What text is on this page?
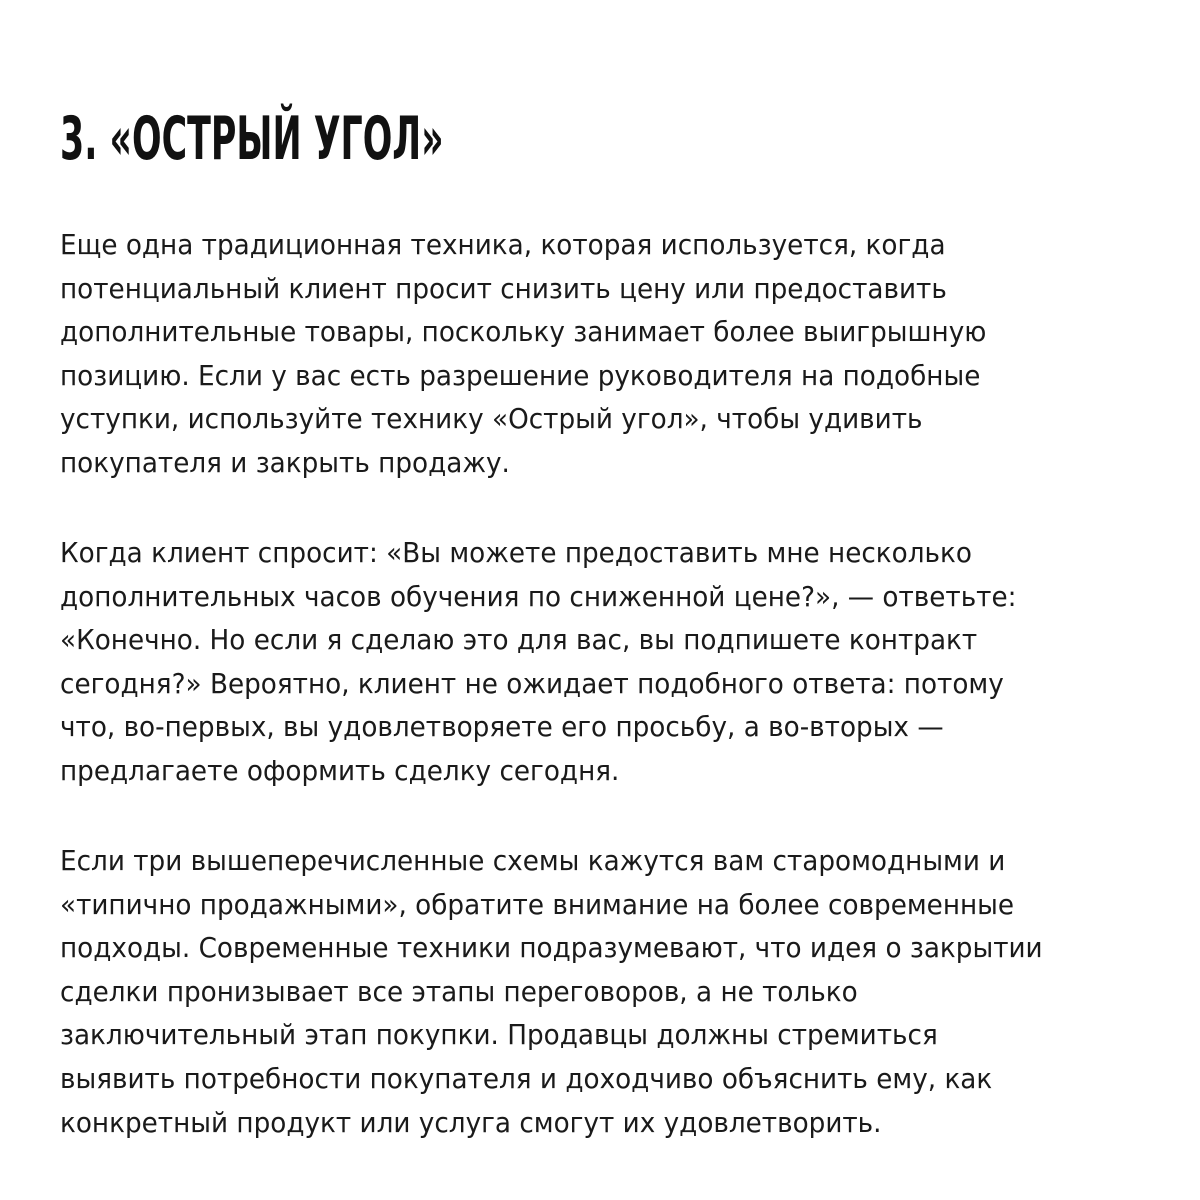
3. «ОСТРЫЙ УГОЛ»
Еще одна традиционная техника, которая используется, когда
потенциальный клиент просит снизить цену или предоставить
дополнительные товары, поскольку занимает более выигрышную
позицию. Если у вас есть разрешение руководителя на подобные
уступки, используйте технику «Острый угол», чтобы удивить
покупателя и закрыть продажу.
Когда клиент спросит: «Вы можете предоставить мне несколько
дополнительных часов обучения по сниженной цене?», — ответьте:
«Конечно. Но если я сделаю это для вас, вы подпишете контракт
сегодня?» Вероятно, клиент не ожидает подобного ответа: потому
что, во-первых, вы удовлетворяете его просьбу, а во-вторых —
предлагаете оформить сделку сегодня.
Если три вышеперечисленные схемы кажутся вам старомодными и
«типично продажными», обратите внимание на более современные
подходы. Современные техники подразумевают, что идея о закрытии
сделки пронизывает все этапы переговоров, а не только
заключительный этап покупки. Продавцы должны стремиться
выявить потребности покупателя и доходчиво объяснить ему, как
конкретный продукт или услуга смогут их удовлетворить.
